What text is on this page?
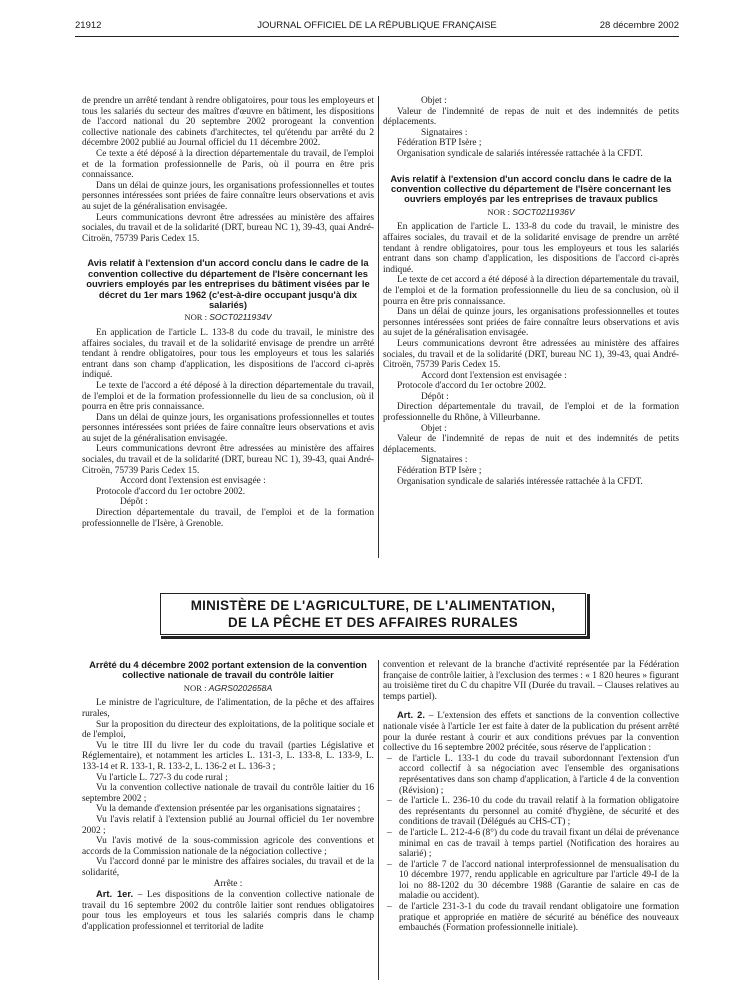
21912	JOURNAL OFFICIEL DE LA RÉPUBLIQUE FRANÇAISE	28 décembre 2002

de prendre un arrêté tendant à rendre obligatoires, pour tous les employeurs et tous les salariés du secteur des maîtres d'œuvre en bâtiment, les dispositions de l'accord national du 20 septembre 2002 prorogeant la convention collective nationale des cabinets d'architectes, tel qu'étendu par arrêté du 2 décembre 2002 publié au Journal officiel du 11 décembre 2002.

Ce texte a été déposé à la direction départementale du travail, de l'emploi et de la formation professionnelle de Paris, où il pourra en être pris connaissance.

Dans un délai de quinze jours, les organisations professionnelles et toutes personnes intéressées sont priées de faire connaître leurs observations et avis au sujet de la généralisation envisagée.

Leurs communications devront être adressées au ministère des affaires sociales, du travail et de la solidarité (DRT, bureau NC 1), 39-43, quai André-Citroën, 75739 Paris Cedex 15.

Avis relatif à l'extension d'un accord conclu dans le cadre de la convention collective du département de l'Isère concernant les ouvriers employés par les entreprises du bâtiment visées par le décret du 1er mars 1962 (c'est-à-dire occupant jusqu'à dix salariés)
NOR : SOCT0211934V

En application de l'article L. 133-8 du code du travail, le ministre des affaires sociales, du travail et de la solidarité envisage de prendre un arrêté tendant à rendre obligatoires, pour tous les employeurs et tous les salariés entrant dans son champ d'application, les dispositions de l'accord ci-après indiqué.

Le texte de l'accord a été déposé à la direction départementale du travail, de l'emploi et de la formation professionnelle du lieu de sa conclusion, où il pourra en être pris connaissance.

Dans un délai de quinze jours, les organisations professionnelles et toutes personnes intéressées sont priées de faire connaître leurs observations et avis au sujet de la généralisation envisagée.

Leurs communications devront être adressées au ministère des affaires sociales, du travail et de la solidarité (DRT, bureau NC 1), 39-43, quai André-Citroën, 75739 Paris Cedex 15.

Accord dont l'extension est envisagée :

Protocole d'accord du 1er octobre 2002.

Dépôt :

Direction départementale du travail, de l'emploi et de la formation professionnelle de l'Isère, à Grenoble.

Objet :

Valeur de l'indemnité de repas de nuit et des indemnités de petits déplacements.

Signataires :

Fédération BTP Isère ;

Organisation syndicale de salariés intéressée rattachée à la CFDT.

Avis relatif à l'extension d'un accord conclu dans le cadre de la convention collective du département de l'Isère concernant les ouvriers employés par les entreprises de travaux publics
NOR : SOCT0211936V

En application de l'article L. 133-8 du code du travail, le ministre des affaires sociales, du travail et de la solidarité envisage de prendre un arrêté tendant à rendre obligatoires, pour tous les employeurs et tous les salariés entrant dans son champ d'application, les dispositions de l'accord ci-après indiqué.

Le texte de cet accord a été déposé à la direction départementale du travail, de l'emploi et de la formation professionnelle du lieu de sa conclusion, où il pourra en être pris connaissance.

Dans un délai de quinze jours, les organisations professionnelles et toutes personnes intéressées sont priées de faire connaître leurs observations et avis au sujet de la généralisation envisagée.

Leurs communications devront être adressées au ministère des affaires sociales, du travail et de la solidarité (DRT, bureau NC 1), 39-43, quai André-Citroën, 75739 Paris Cedex 15.

Accord dont l'extension est envisagée :

Protocole d'accord du 1er octobre 2002.

Dépôt :

Direction départementale du travail, de l'emploi et de la formation professionnelle du Rhône, à Villeurbanne.

Objet :

Valeur de l'indemnité de repas de nuit et des indemnités de petits déplacements.

Signataires :

Fédération BTP Isère ;

Organisation syndicale de salariés intéressée rattachée à la CFDT.

MINISTÈRE DE L'AGRICULTURE, DE L'ALIMENTATION,
DE LA PÊCHE ET DES AFFAIRES RURALES
Arrêté du 4 décembre 2002 portant extension de la convention collective nationale de travail du contrôle laitier
NOR : AGRS0202658A

Le ministre de l'agriculture, de l'alimentation, de la pêche et des affaires rurales,

Sur la proposition du directeur des exploitations, de la politique sociale et de l'emploi,

Vu le titre III du livre Ier du code du travail (parties Législative et Réglementaire), et notamment les articles L. 131-3, L. 133-8, L. 133-9, L. 133-14 et R. 133-1, R. 133-2, L. 136-2 et L. 136-3 ;

Vu l'article L. 727-3 du code rural ;

Vu la convention collective nationale de travail du contrôle laitier du 16 septembre 2002 ;

Vu la demande d'extension présentée par les organisations signataires ;

Vu l'avis relatif à l'extension publié au Journal officiel du 1er novembre 2002 ;

Vu l'avis motivé de la sous-commission agricole des conventions et accords de la Commission nationale de la négociation collective ;

Vu l'accord donné par le ministre des affaires sociales, du travail et de la solidarité,

Arrête :

Art. 1er. – Les dispositions de la convention collective nationale de travail du 16 septembre 2002 du contrôle laitier sont rendues obligatoires pour tous les employeurs et tous les salariés compris dans le champ d'application professionnel et territorial de ladite

convention et relevant de la branche d'activité représentée par la Fédération française de contrôle laitier, à l'exclusion des termes : « 1 820 heures » figurant au troisième tiret du C du chapitre VII (Durée du travail. – Clauses relatives au temps partiel).

Art. 2. – L'extension des effets et sanctions de la convention collective nationale visée à l'article 1er est faite à dater de la publication du présent arrêté pour la durée restant à courir et aux conditions prévues par la convention collective du 16 septembre 2002 précitée, sous réserve de l'application :

– de l'article L. 133-1 du code du travail subordonnant l'extension d'un accord collectif à sa négociation avec l'ensemble des organisations représentatives dans son champ d'application, à l'article 4 de la convention (Révision) ;
– de l'article L. 236-10 du code du travail relatif à la formation obligatoire des représentants du personnel au comité d'hygiène, de sécurité et des conditions de travail (Délégués au CHS-CT) ;
– de l'article L. 212-4-6 (8°) du code du travail fixant un délai de prévenance minimal en cas de travail à temps partiel (Notification des horaires au salarié) ;
– de l'article 7 de l'accord national interprofessionnel de mensualisation du 10 décembre 1977, rendu applicable en agriculture par l'article 49-I de la loi no 88-1202 du 30 décembre 1988 (Garantie de salaire en cas de maladie ou accident).
– de l'article 231-3-1 du code du travail rendant obligatoire une formation pratique et appropriée en matière de sécurité au bénéfice des nouveaux embauchés (Formation professionnelle initiale).
